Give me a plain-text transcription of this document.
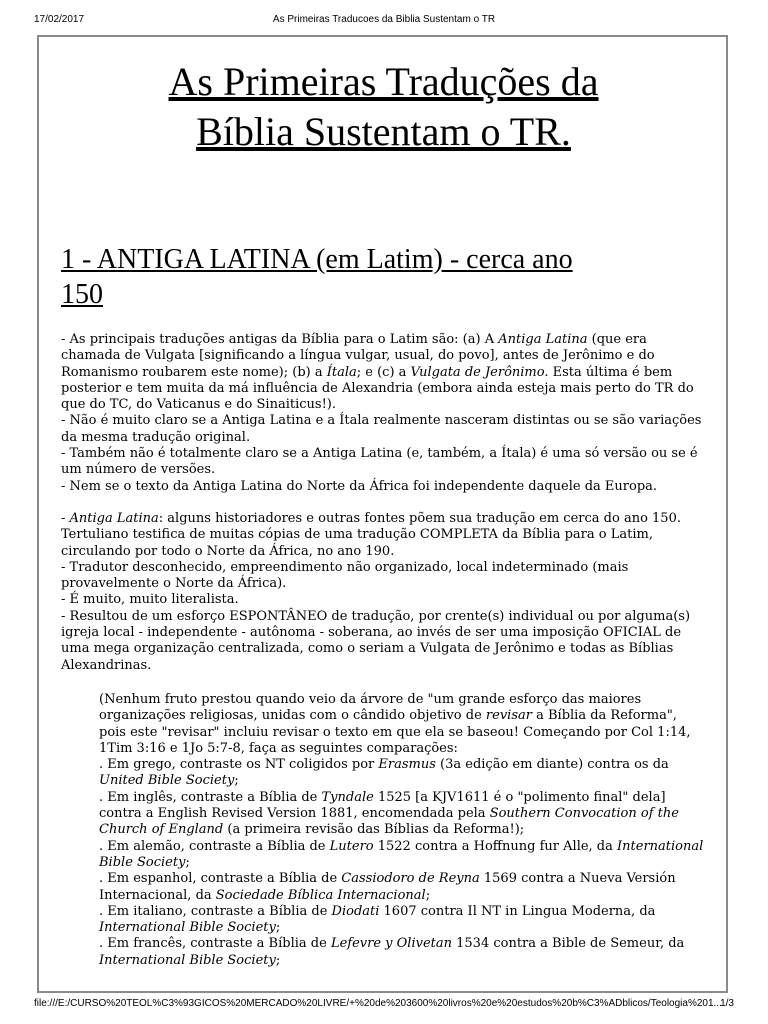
17/02/2017	As Primeiras Traducoes da Biblia Sustentam o TR
As Primeiras Traduções da
Bíblia Sustentam o TR.
1 - ANTIGA LATINA (em Latim) - cerca ano
150

- As principais traduções antigas da Bíblia para o Latim são: (a) A Antiga Latina (que era chamada de Vulgata [significando a língua vulgar, usual, do povo], antes de Jerônimo e do Romanismo roubarem este nome); (b) a Ítala; e (c) a Vulgata de Jerônimo. Esta última é bem posterior e tem muita da má influência de Alexandria (embora ainda esteja mais perto do TR do que do TC, do Vaticanus e do Sinaiticus!).

- Não é muito claro se a Antiga Latina e a Ítala realmente nasceram distintas ou se são variações da mesma tradução original.

- Também não é totalmente claro se a Antiga Latina (e, também, a Ítala) é uma só versão ou se é um número de versões.

- Nem se o texto da Antiga Latina do Norte da África foi independente daquele da Europa.

- Antiga Latina: alguns historiadores e outras fontes põem sua tradução em cerca do ano 150. Tertuliano testifica de muitas cópias de uma tradução COMPLETA da Bíblia para o Latim, circulando por todo o Norte da África, no ano 190.

- Tradutor desconhecido, empreendimento não organizado, local indeterminado (mais provavelmente o Norte da África).

- É muito, muito literalista.

- Resultou de um esforço ESPONTÂNEO de tradução, por crente(s) individual ou por alguma(s) igreja local - independente - autônoma - soberana, ao invés de ser uma imposição OFICIAL de uma mega organização centralizada, como o seriam a Vulgata de Jerônimo e todas as Bíblias Alexandrinas.

(Nenhum fruto prestou quando veio da árvore de "um grande esforço das maiores organizações religiosas, unidas com o cândido objetivo de revisar a Bíblia da Reforma", pois este "revisar" incluiu revisar o texto em que ela se baseou! Começando por Col 1:14, 1Tim 3:16 e 1Jo 5:7-8, faça as seguintes comparações:

. Em grego, contraste os NT coligidos por Erasmus (3a edição em diante) contra os da United Bible Society;

. Em inglês, contraste a Bíblia de Tyndale 1525 [a KJV1611 é o "polimento final" dela] contra a English Revised Version 1881, encomendada pela Southern Convocation of the Church of England (a primeira revisão das Bíblias da Reforma!);

. Em alemão, contraste a Bíblia de Lutero 1522 contra a Hoffnung fur Alle, da International Bible Society;

. Em espanhol, contraste a Bíblia de Cassiodoro de Reyna 1569 contra a Nueva Versión Internacional, da Sociedade Bíblica Internacional;

. Em italiano, contraste a Bíblia de Diodati 1607 contra Il NT in Lingua Moderna, da International Bible Society;

. Em francês, contraste a Bíblia de Lefevre y Olivetan 1534 contra a Bible de Semeur, da International Bible Society;

file:///E:/CURSO%20TEOL%C3%93GICOS%20MERCADO%20LIVRE/+%20de%203600%20livros%20e%20estudos%20b%C3%ADblicos/Teologia%201...
1/3
